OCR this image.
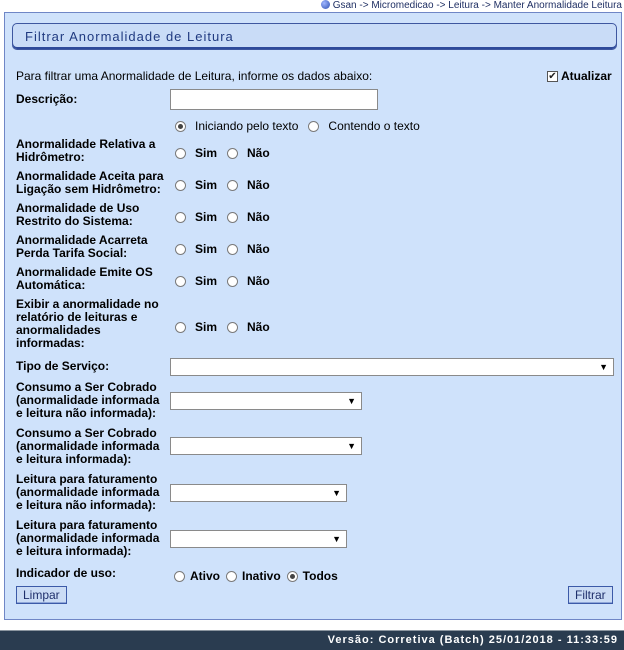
Gsan -> Micromedicao -> Leitura -> Manter Anormalidade Leitura
Filtrar Anormalidade de Leitura
Para filtrar uma Anormalidade de Leitura, informe os dados abaixo:	✔ Atualizar
Descrição:
Iniciando pelo texto	Contendo o texto
Anormalidade Relativa a
Hidrômetro:	Sim	Não
Anormalidade Aceita para
Ligação sem Hidrômetro:	Sim	Não
Anormalidade de Uso
Restrito do Sistema:	Sim	Não
Anormalidade Acarreta
Perda Tarifa Social:	Sim	Não
Anormalidade Emite OS
Automática:	Sim	Não
Exibir a anormalidade no
relatório de leituras e
anormalidades
informadas:
Sim	Não
Tipo de Serviço:	▼
Consumo a Ser Cobrado
(anormalidade informada
e leitura não informada):
▼
Consumo a Ser Cobrado
(anormalidade informada
e leitura informada):
▼
Leitura para faturamento
(anormalidade informada
e leitura não informada):
▼
Leitura para faturamento
(anormalidade informada
e leitura informada):
▼
Indicador de uso:	Ativo Inativo Todos
Limpar	Filtrar
Versão: Corretiva (Batch) 25/01/2018 - 11:33:59
